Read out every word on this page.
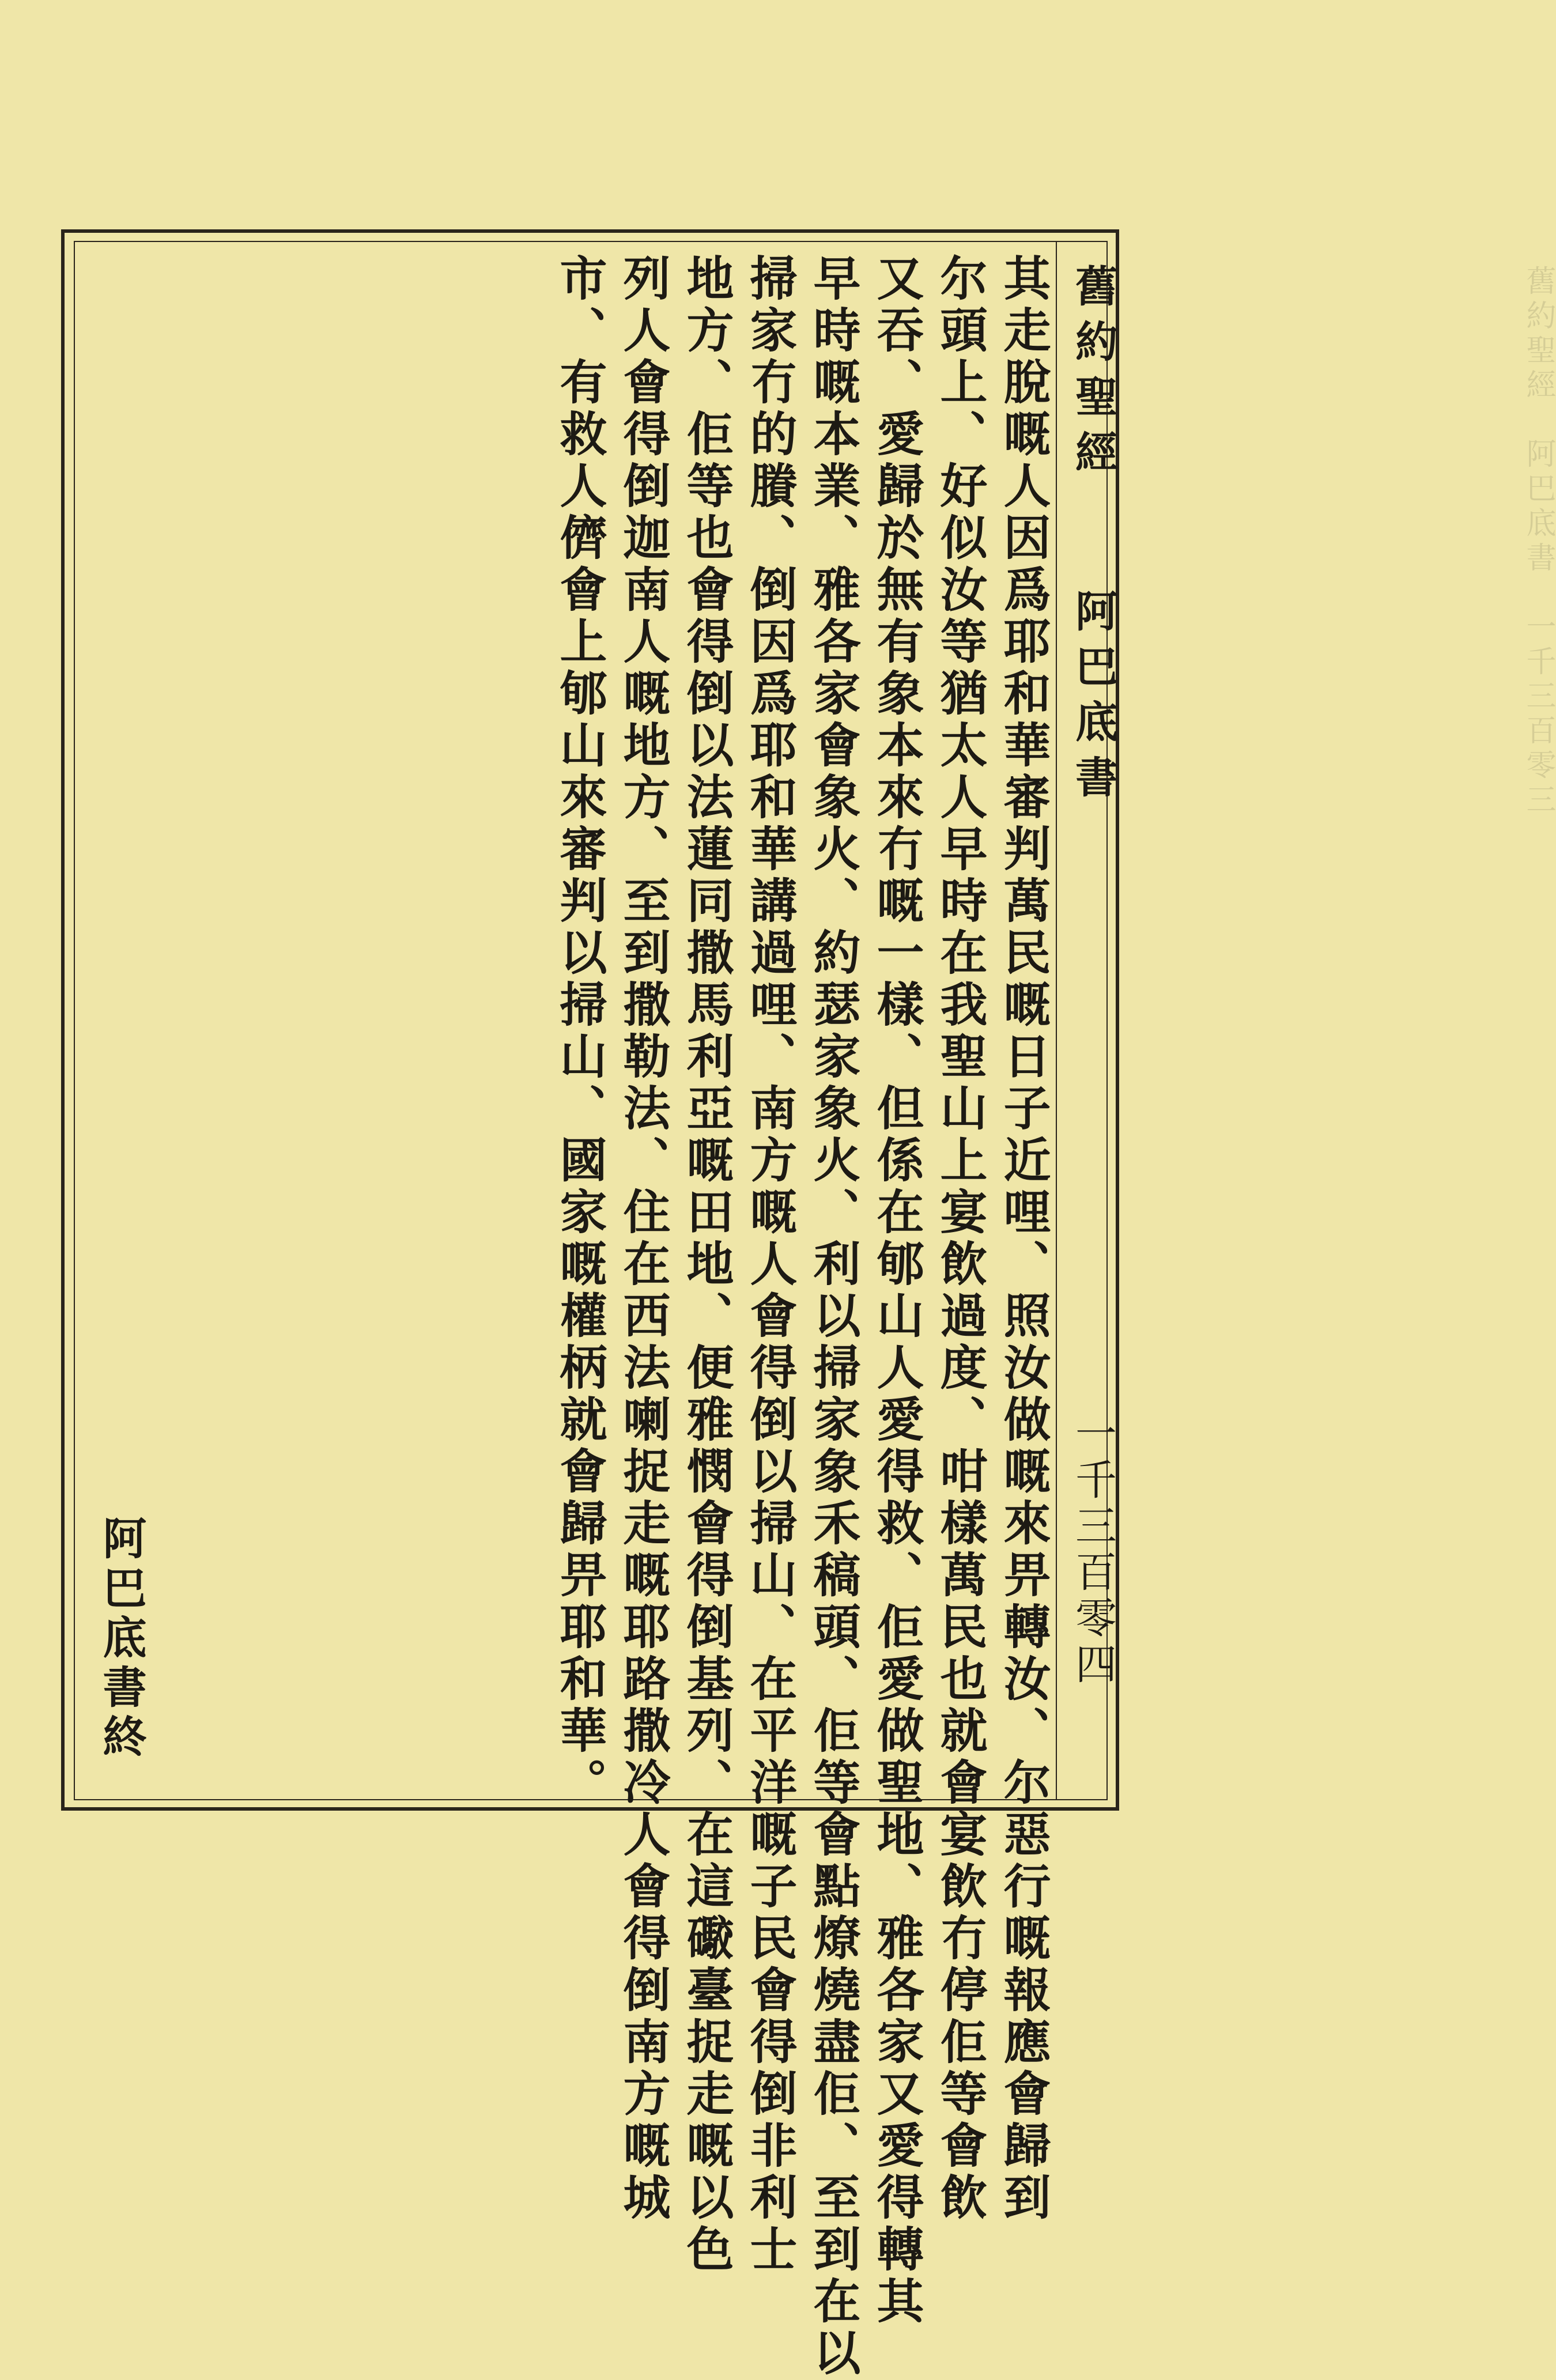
舊約聖經　阿巴底書　一千三百零三
舊約聖經
阿巴底書
一千三百零四
其走脫嘅人因爲耶和華審判萬民嘅日子近哩、照汝做嘅來畀轉汝、尔惡行嘅報應會歸到
尔頭上、好似汝等猶太人早時在我聖山上宴飲過度、咁樣萬民也就會宴飲冇停佢等會飲
又吞、愛歸於無有象本來冇嘅一樣、但係在郇山人愛得救、佢愛做聖地、雅各家又愛得轉其
早時嘅本業、雅各家會象火、約瑟家象火、利以掃家象禾稿頭、佢等會點燎燒盡佢、至到在以
掃家冇的賸、倒因爲耶和華講過哩、南方嘅人會得倒以掃山、在平洋嘅子民會得倒非利士
地方、佢等也會得倒以法蓮同撒馬利亞嘅田地、便雅憫會得倒基列、在這礮臺捉走嘅以色
列人會得倒迦南人嘅地方、至到撒勒法、住在西法喇捉走嘅耶路撒冷人會得倒南方嘅城
市、有救人儕會上郇山來審判以掃山、國家嘅權柄就會歸畀耶和華。
阿巴底書終
